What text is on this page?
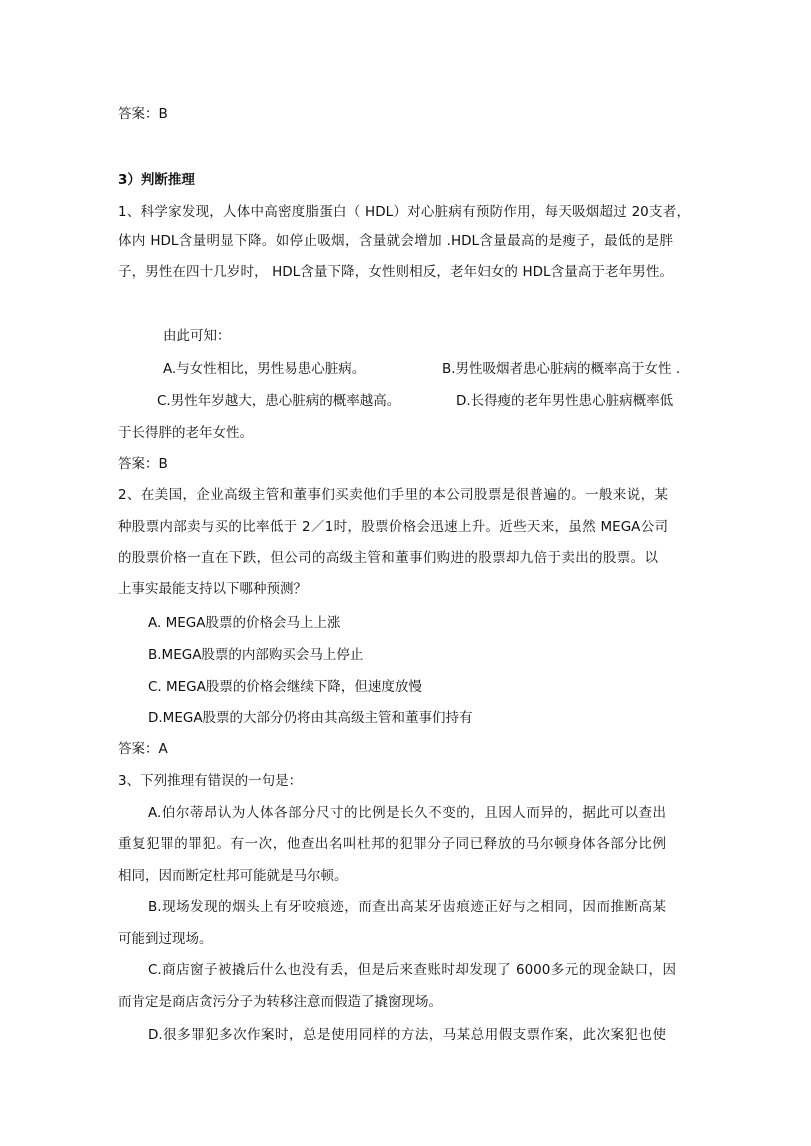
答案：B
3）判断推理
1、科学家发现，人体中高密度脂蛋白（ HDL）对心脏病有预防作用，每天吸烟超过 20支者，
体内 HDL含量明显下降。如停止吸烟，含量就会增加 .HDL含量最高的是瘦子，最低的是胖
子，男性在四十几岁时， HDL含量下降，女性则相反，老年妇女的 HDL含量高于老年男性。
由此可知：
A.与女性相比，男性易患心脏病。	B.男性吸烟者患心脏病的概率高于女性 .
C.男性年岁越大，患心脏病的概率越高。	D.长得瘦的老年男性患心脏病概率低
于长得胖的老年女性。
答案：B
2、在美国，企业高级主管和董事们买卖他们手里的本公司股票是很普遍的。一般来说，某
种股票内部卖与买的比率低于 2／1时，股票价格会迅速上升。近些天来，虽然 MEGA公司
的股票价格一直在下跌，但公司的高级主管和董事们购进的股票却九倍于卖出的股票。以
上事实最能支持以下哪种预测？
A. MEGA股票的价格会马上上涨
B.MEGA股票的内部购买会马上停止
C. MEGA股票的价格会继续下降，但速度放慢
D.MEGA股票的大部分仍将由其高级主管和董事们持有
答案：A
3、下列推理有错误的一句是：
A.伯尔蒂昂认为人体各部分尺寸的比例是长久不变的，且因人而异的，据此可以查出
重复犯罪的罪犯。有一次，他查出名叫杜邦的犯罪分子同已释放的马尔顿身体各部分比例
相同，因而断定杜邦可能就是马尔顿。
B.现场发现的烟头上有牙咬痕迹，而查出高某牙齿痕迹正好与之相同，因而推断高某
可能到过现场。
C.商店窗子被撬后什么也没有丢，但是后来查账时却发现了 6000多元的现金缺口，因
而肯定是商店贪污分子为转移注意而假造了撬窗现场。
D.很多罪犯多次作案时，总是使用同样的方法，马某总用假支票作案，此次案犯也使
